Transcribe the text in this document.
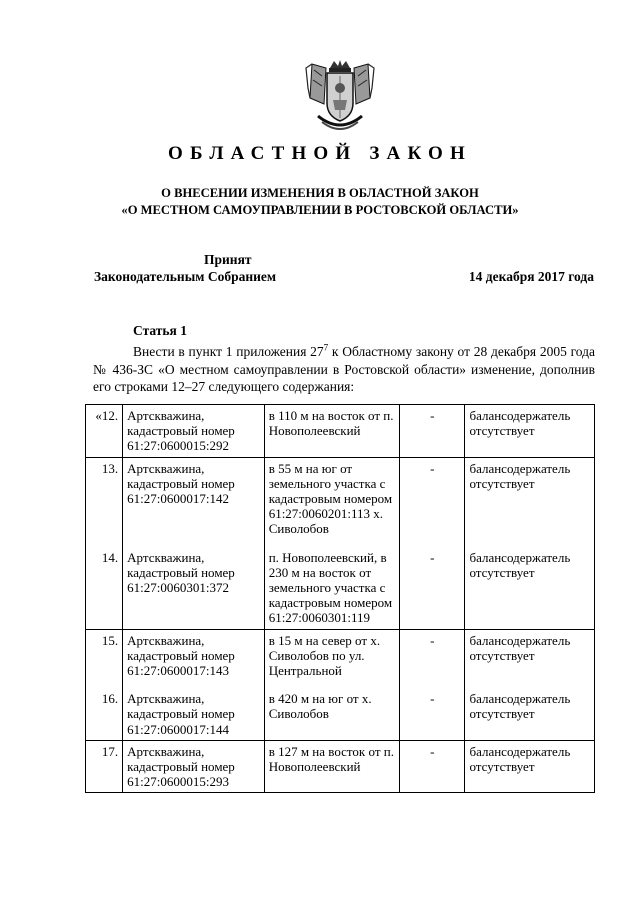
ОБЛАСТНОЙ ЗАКОН
О ВНЕСЕНИИ ИЗМЕНЕНИЯ В ОБЛАСТНОЙ ЗАКОН
«О МЕСТНОМ САМОУПРАВЛЕНИИ В РОСТОВСКОЙ ОБЛАСТИ»
Принят
Законодательным Собранием	14 декабря 2017 года
Статья 1
Внести в пункт 1 приложения $27^7$ к Областному закону от 28 декабря 2005 года № 436-ЗС «О местном самоуправлении в Ростовской области» изменение, дополнив его строками 12–27 следующего содержания:
«12.	Артскважина, кадастровый номер 61:27:0600015:292	в 110 м на восток от п. Новополеевский	-	балансодержатель отсутствует
13.	Артскважина, кадастровый номер 61:27:0600017:142	в 55 м на юг от земельного участка с кадастровым номером 61:27:0060201:113 х. Сиволобов	-	балансодержатель отсутствует
14.	Артскважина, кадастровый номер 61:27:0060301:372	п. Новополеевский, в 230 м на восток от земельного участка с кадастровым номером 61:27:0060301:119	-	балансодержатель отсутствует
15.	Артскважина, кадастровый номер 61:27:0600017:143	в 15 м на север от х. Сиволобов по ул. Центральной	-	балансодержатель отсутствует
16.	Артскважина, кадастровый номер 61:27:0600017:144	в 420 м на юг от х. Сиволобов	-	балансодержатель отсутствует
17.	Артскважина, кадастровый номер 61:27:0600015:293	в 127 м на восток от п. Новополеевский	-	балансодержатель отсутствует
